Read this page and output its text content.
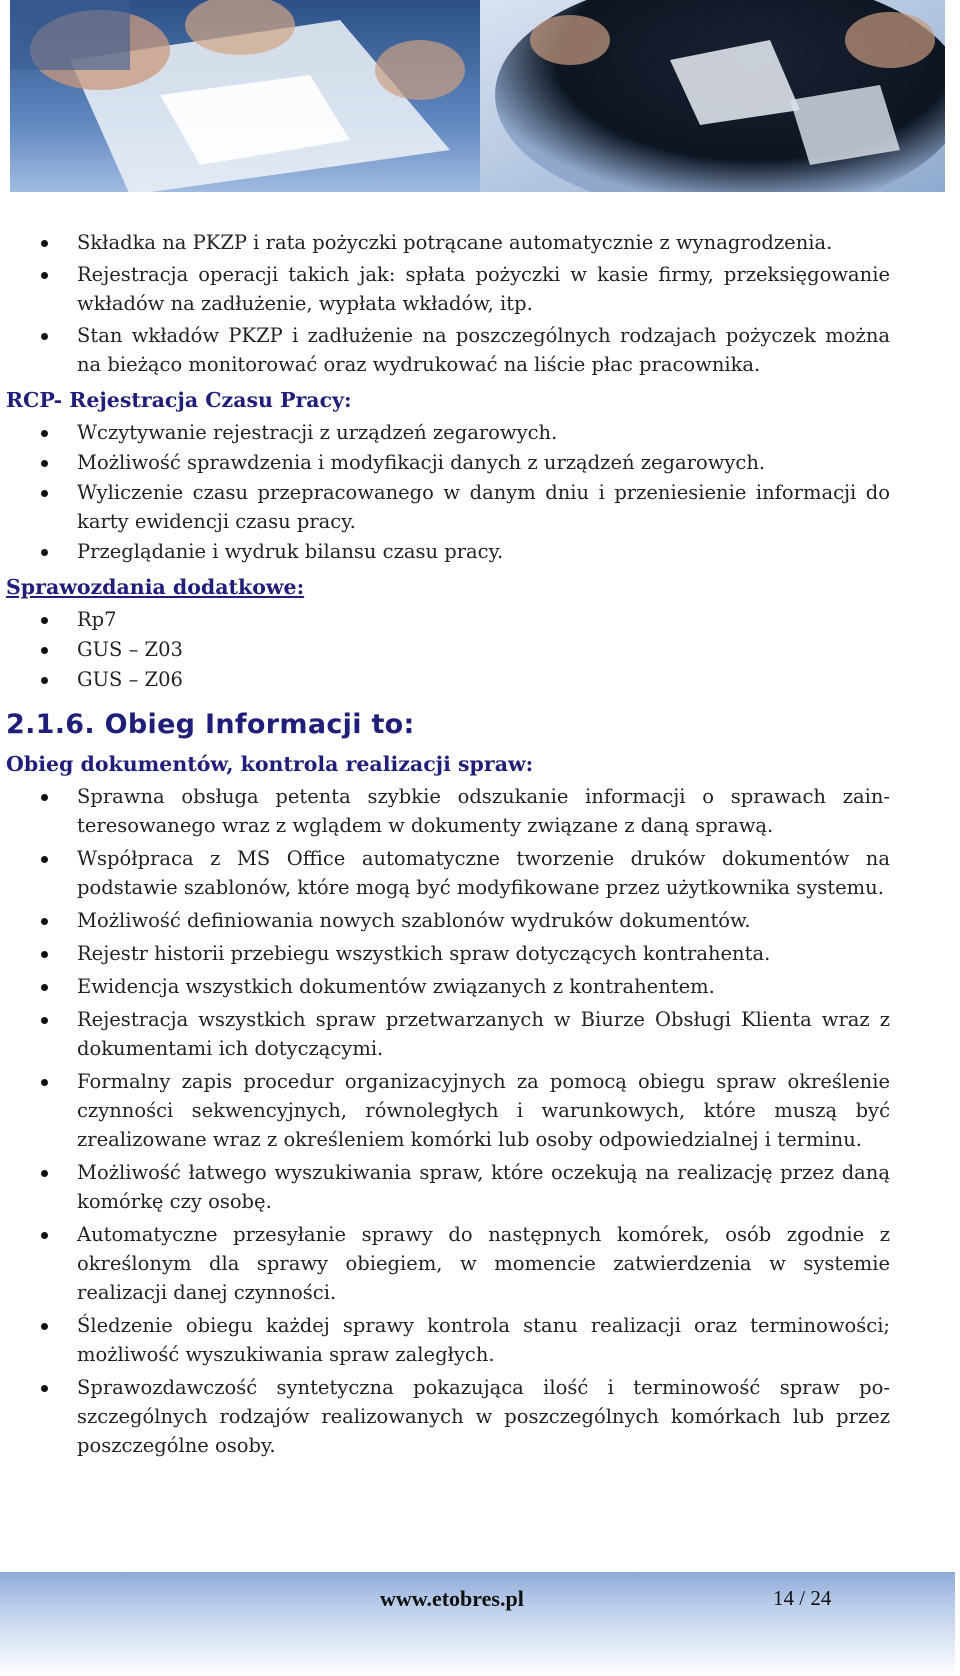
Składka na PKZP i rata pożyczki potrącane automatycznie z wynagrodzenia.
Rejestracja operacji takich jak: spłata pożyczki w kasie firmy, przeksięgowanie wkładów na zadłużenie, wypłata wkładów, itp.
Stan wkładów PKZP i zadłużenie na poszczególnych rodzajach pożyczek można na bieżąco monitorować oraz wydrukować na liście płac pracownika.
RCP- Rejestracja Czasu Pracy:
Wczytywanie rejestracji z urządzeń zegarowych.
Możliwość sprawdzenia i modyfikacji danych z urządzeń zegarowych.
Wyliczenie czasu przepracowanego w danym dniu i przeniesienie informacji do karty ewidencji czasu pracy.
Przeglądanie i wydruk bilansu czasu pracy.
Sprawozdania dodatkowe:
Rp7
GUS – Z03
GUS – Z06
2.1.6. Obieg Informacji to:
Obieg dokumentów, kontrola realizacji spraw:
Sprawna obsługa petenta szybkie odszukanie informacji o sprawach zainteresowanego wraz z wglądem w dokumenty związane z daną sprawą.
Współpraca z MS Office automatyczne tworzenie druków dokumentów na podstawie szablonów, które mogą być modyfikowane przez użytkownika systemu.
Możliwość definiowania nowych szablonów wydruków dokumentów.
Rejestr historii przebiegu wszystkich spraw dotyczących kontrahenta.
Ewidencja wszystkich dokumentów związanych z kontrahentem.
Rejestracja wszystkich spraw przetwarzanych w Biurze Obsługi Klienta wraz z dokumentami ich dotyczącymi.
Formalny zapis procedur organizacyjnych za pomocą obiegu spraw określenie czynności sekwencyjnych, równoległych i warunkowych, które muszą być zrealizowane wraz z określeniem komórki lub osoby odpowiedzialnej i terminu.
Możliwość łatwego wyszukiwania spraw, które oczekują na realizację przez daną komórkę czy osobę.
Automatyczne przesyłanie sprawy do następnych komórek, osób zgodnie z określonym dla sprawy obiegiem, w momencie zatwierdzenia w systemie realizacji danej czynności.
Śledzenie obiegu każdej sprawy kontrola stanu realizacji oraz terminowości; możliwość wyszukiwania spraw zaległych.
Sprawozdawczość syntetyczna pokazująca ilość i terminowość spraw poszczególnych rodzajów realizowanych w poszczególnych komórkach lub przez poszczególne osoby.
www.etobres.pl	14 / 24
